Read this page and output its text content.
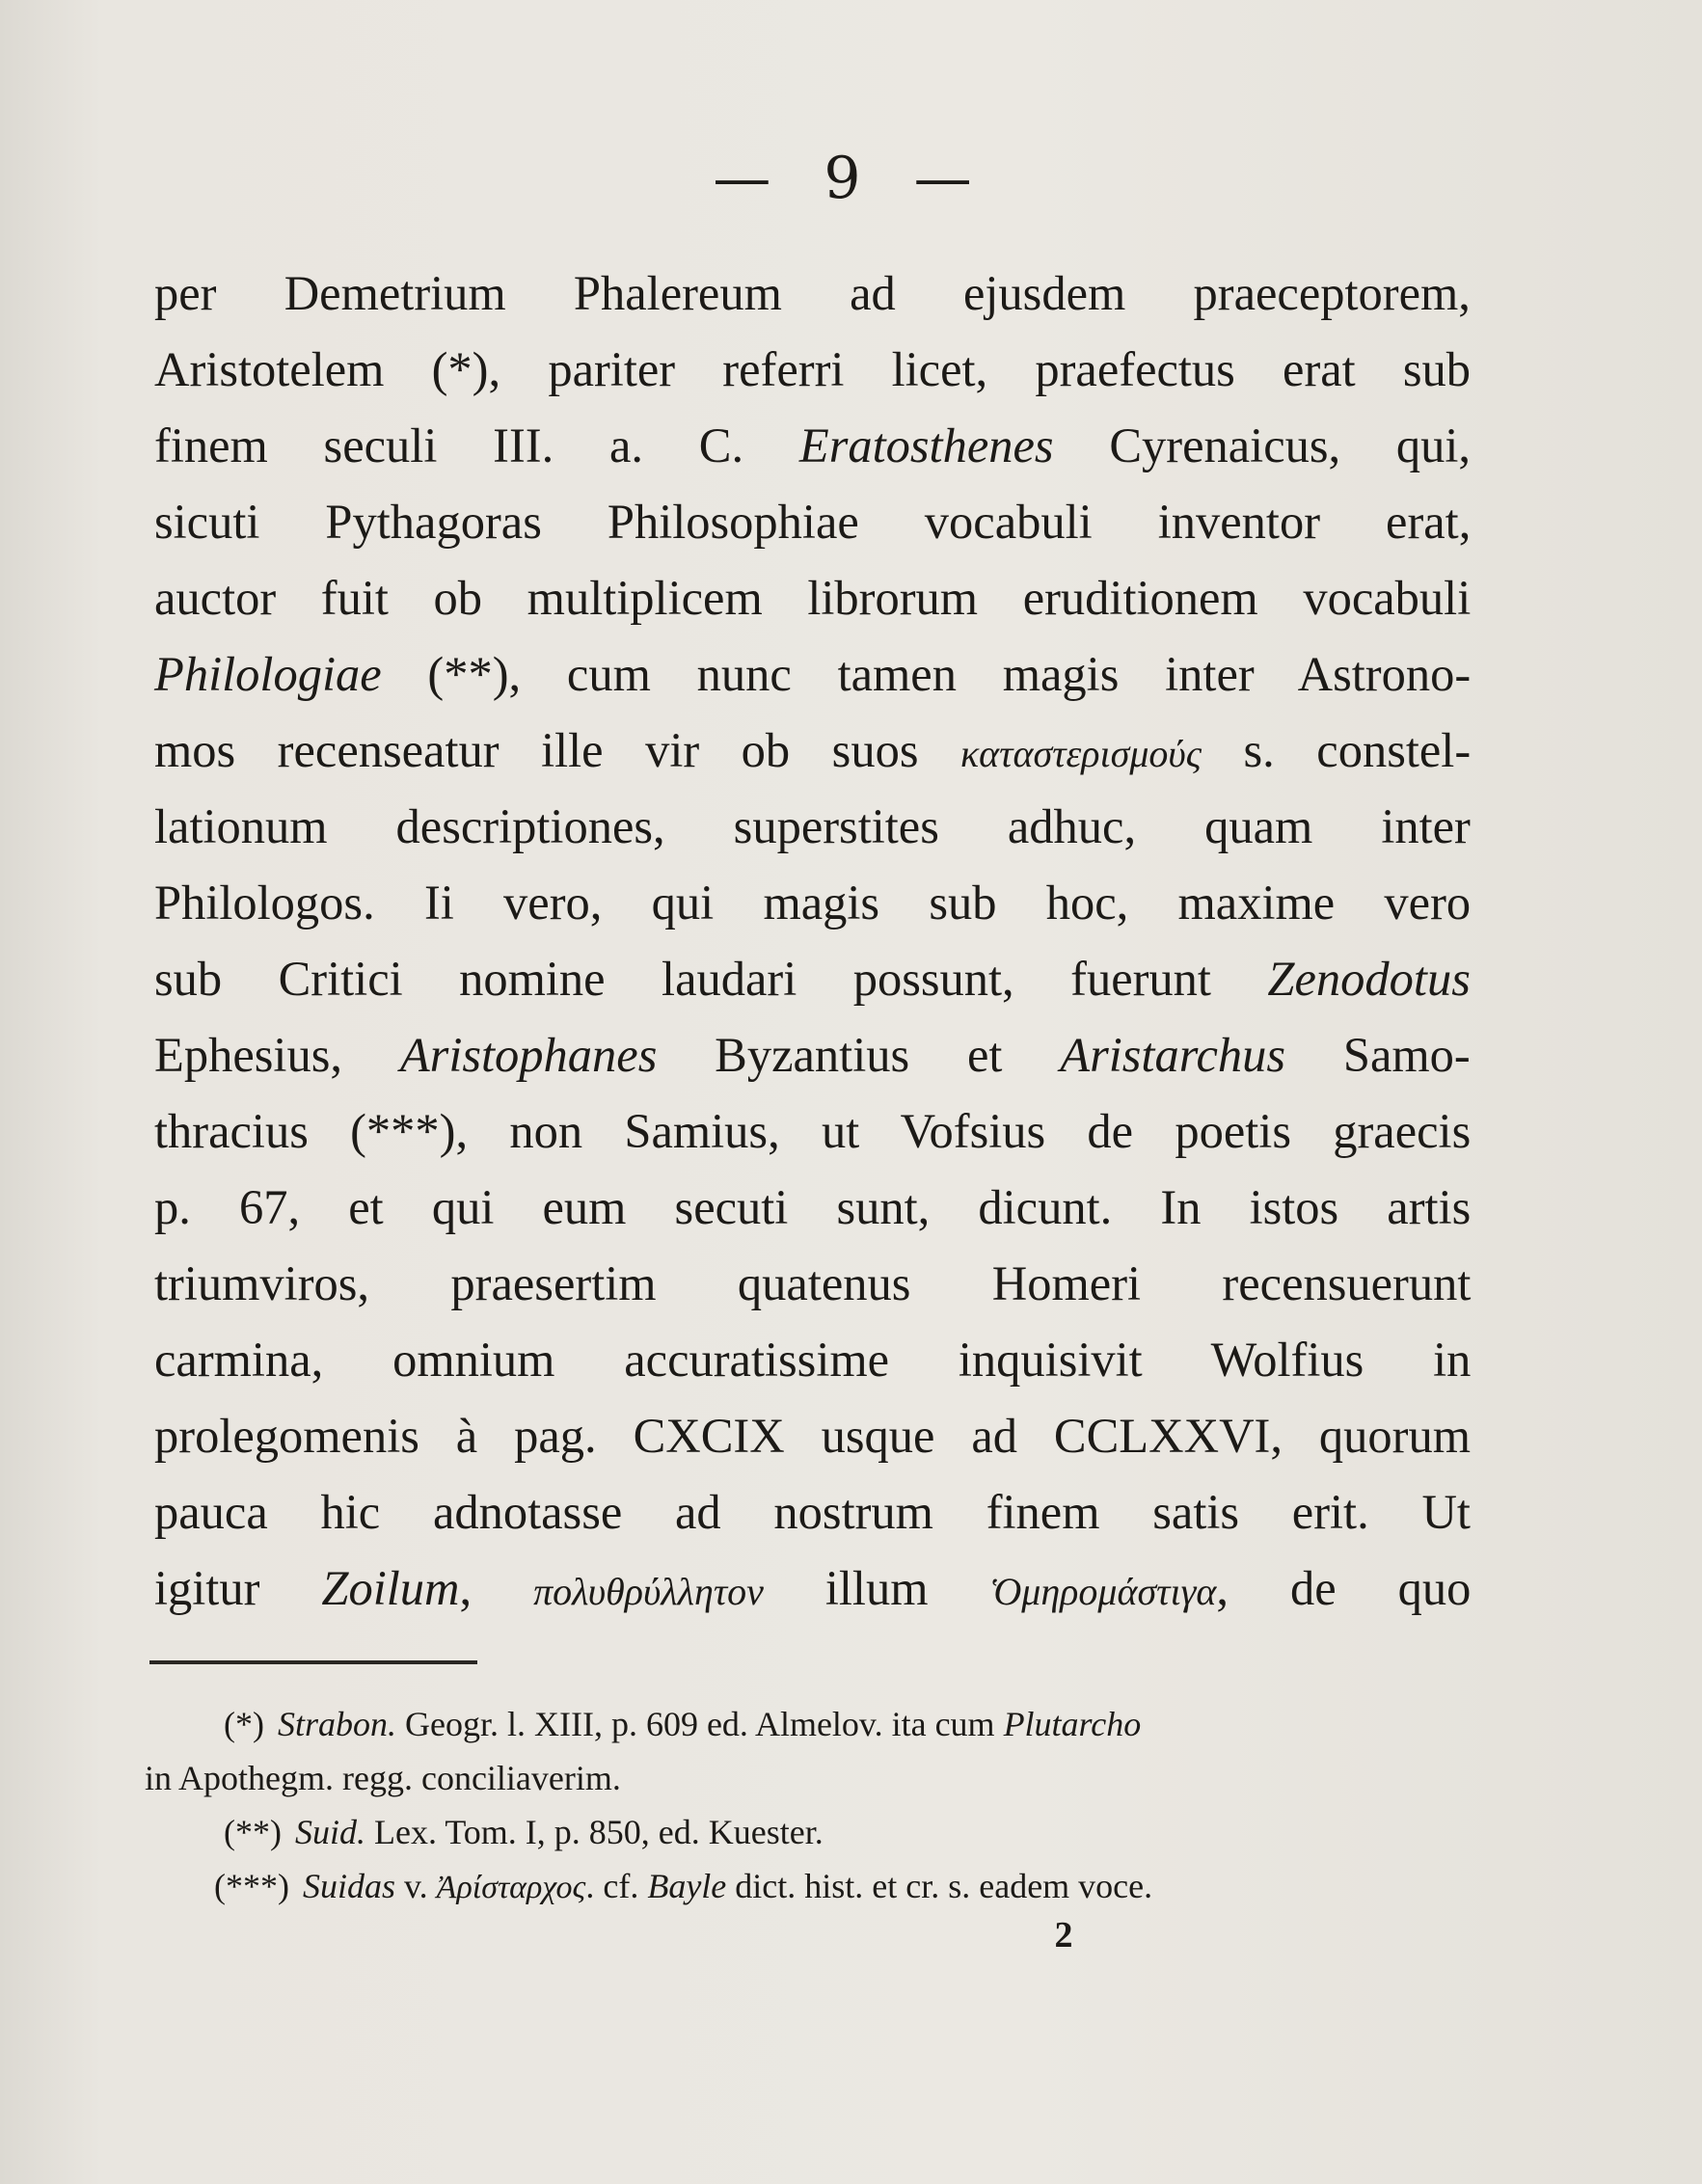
— 9 —
per Demetrium Phalereum ad ejusdem praeceptorem,
Aristotelem (*), pariter referri licet, praefectus erat sub
finem seculi III. a. C. Eratosthenes Cyrenaicus, qui,
sicuti Pythagoras Philosophiae vocabuli inventor erat,
auctor fuit ob multiplicem librorum eruditionem vocabuli
Philologiae (**), cum nunc tamen magis inter Astrono-
mos recenseatur ille vir ob suos καταστερισμούς s. constel-
lationum descriptiones, superstites adhuc, quam inter
Philologos. Ii vero, qui magis sub hoc, maxime vero
sub Critici nomine laudari possunt, fuerunt Zenodotus
Ephesius, Aristophanes Byzantius et Aristarchus Samo-
thracius (***), non Samius, ut Vofsius de poetis graecis
p. 67, et qui eum secuti sunt, dicunt. In istos artis
triumviros, praesertim quatenus Homeri recensuerunt
carmina, omnium accuratissime inquisivit Wolfius in
prolegomenis à pag. CXCIX usque ad CCLXXVI, quorum
pauca hic adnotasse ad nostrum finem satis erit. Ut
igitur Zoilum, πολυθρύλλητον illum Ὁμηρομάστιγα, de quo
(*) Strabon. Geogr. l. XIII, p. 609 ed. Almelov. ita cum Plutarcho
in Apothegm. regg. conciliaverim.
(**) Suid. Lex. Tom. I, p. 850, ed. Kuester.
(***) Suidas v. Ἀρίσταρχος. cf. Bayle dict. hist. et cr. s. eadem voce.
2
